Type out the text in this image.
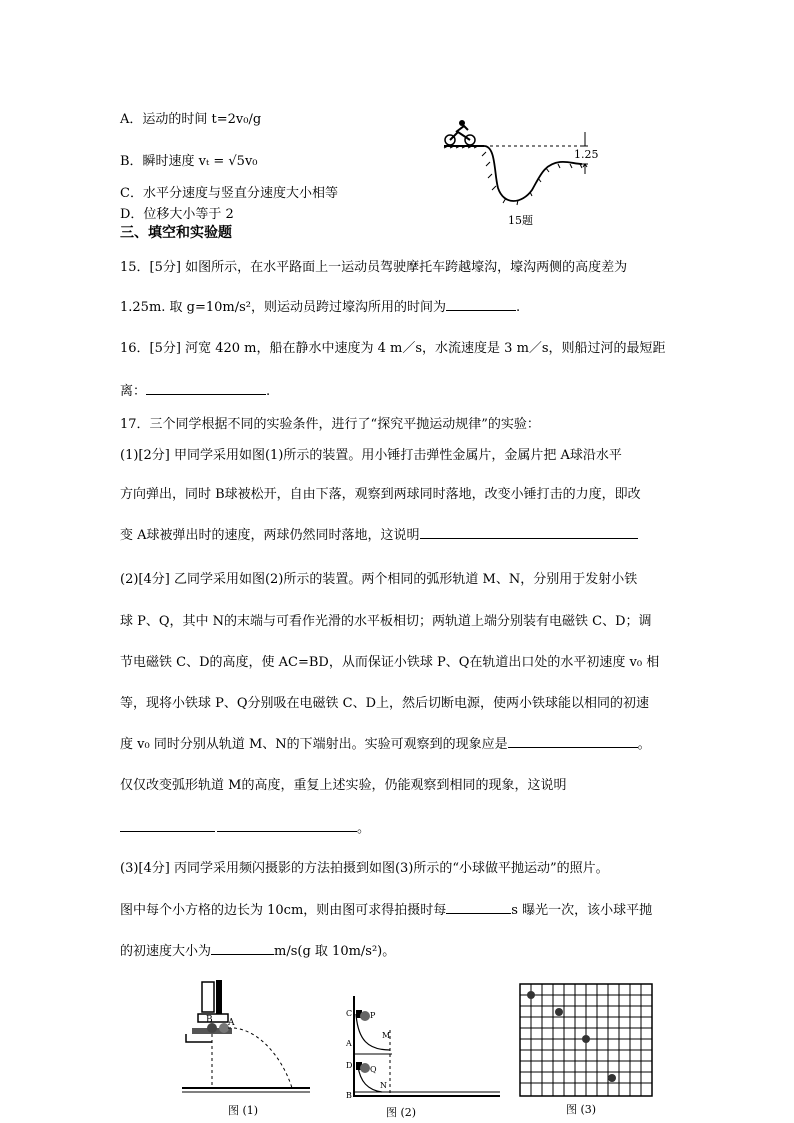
A．运动的时间 t=2v₀/g
B．瞬时速度 vₜ = √5v₀
C．水平分速度与竖直分速度大小相等
D．位移大小等于 2
1.25
15题
三、填空和实验题
15．[5分] 如图所示，在水平路面上一运动员驾驶摩托车跨越壕沟，壕沟两侧的高度差为
1.25m. 取 g=10m/s²，则运动员跨过壕沟所用的时间为	.
16．[5分] 河宽 420 m，船在静水中速度为 4 m／s，水流速度是 3 m／s，则船过河的最短距
离：	.
17．三个同学根据不同的实验条件，进行了“探究平抛运动规律”的实验：
(1)[2分] 甲同学采用如图(1)所示的装置。用小锤打击弹性金属片，金属片把 A球沿水平
方向弹出，同时 B球被松开，自由下落，观察到两球同时落地，改变小锤打击的力度，即改
变 A球被弹出时的速度，两球仍然同时落地，这说明
(2)[4分] 乙同学采用如图(2)所示的装置。两个相同的弧形轨道 M、N，分别用于发射小铁
球 P、Q，其中 N的末端与可看作光滑的水平板相切；两轨道上端分别装有电磁铁 C、D；调
节电磁铁 C、D的高度，使 AC=BD，从而保证小铁球 P、Q在轨道出口处的水平初速度 v₀ 相
等，现将小铁球 P、Q分别吸在电磁铁 C、D上，然后切断电源，使两小铁球能以相同的初速
度 v₀ 同时分别从轨道 M、N的下端射出。实验可观察到的现象应是	。
仅仅改变弧形轨道 M的高度，重复上述实验，仍能观察到相同的现象，这说明
。
(3)[4分] 丙同学采用频闪摄影的方法拍摄到如图(3)所示的“小球做平抛运动”的照片。
图中每个小方格的边长为 10cm，则由图可求得拍摄时每	s 曝光一次，该小球平抛
的初速度大小为	m/s(g 取 10m/s²)。
B A
图 (1)
C P
M
A
D Q
N
B
图 (2)	图 (3)
